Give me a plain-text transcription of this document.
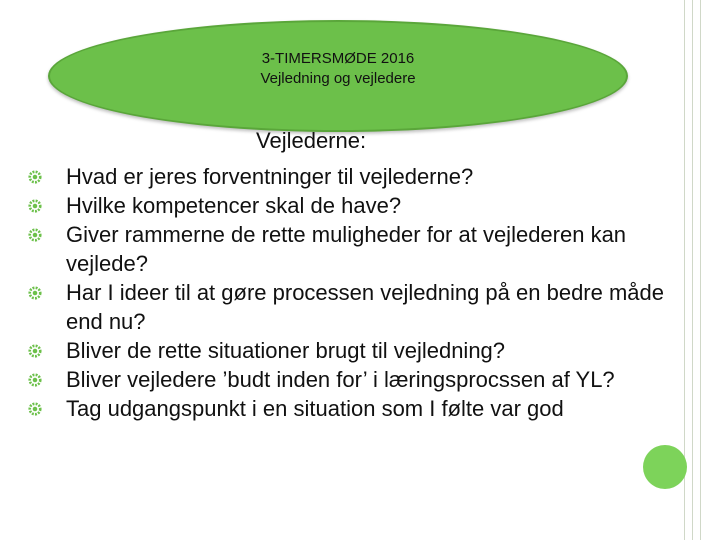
3-TIMERSMØDE 2016
Vejledning og vejledere
Vejlederne:
Hvad er jeres forventninger til vejlederne?
Hvilke kompetencer skal de have?
Giver rammerne de rette muligheder for at vejlederen kan vejlede?
Har I ideer til at gøre processen vejledning på en bedre måde end nu?
Bliver de rette situationer brugt til vejledning?
Bliver vejledere ’budt inden for’ i læringsprocssen af YL?
Tag udgangspunkt i en situation som I følte var god
